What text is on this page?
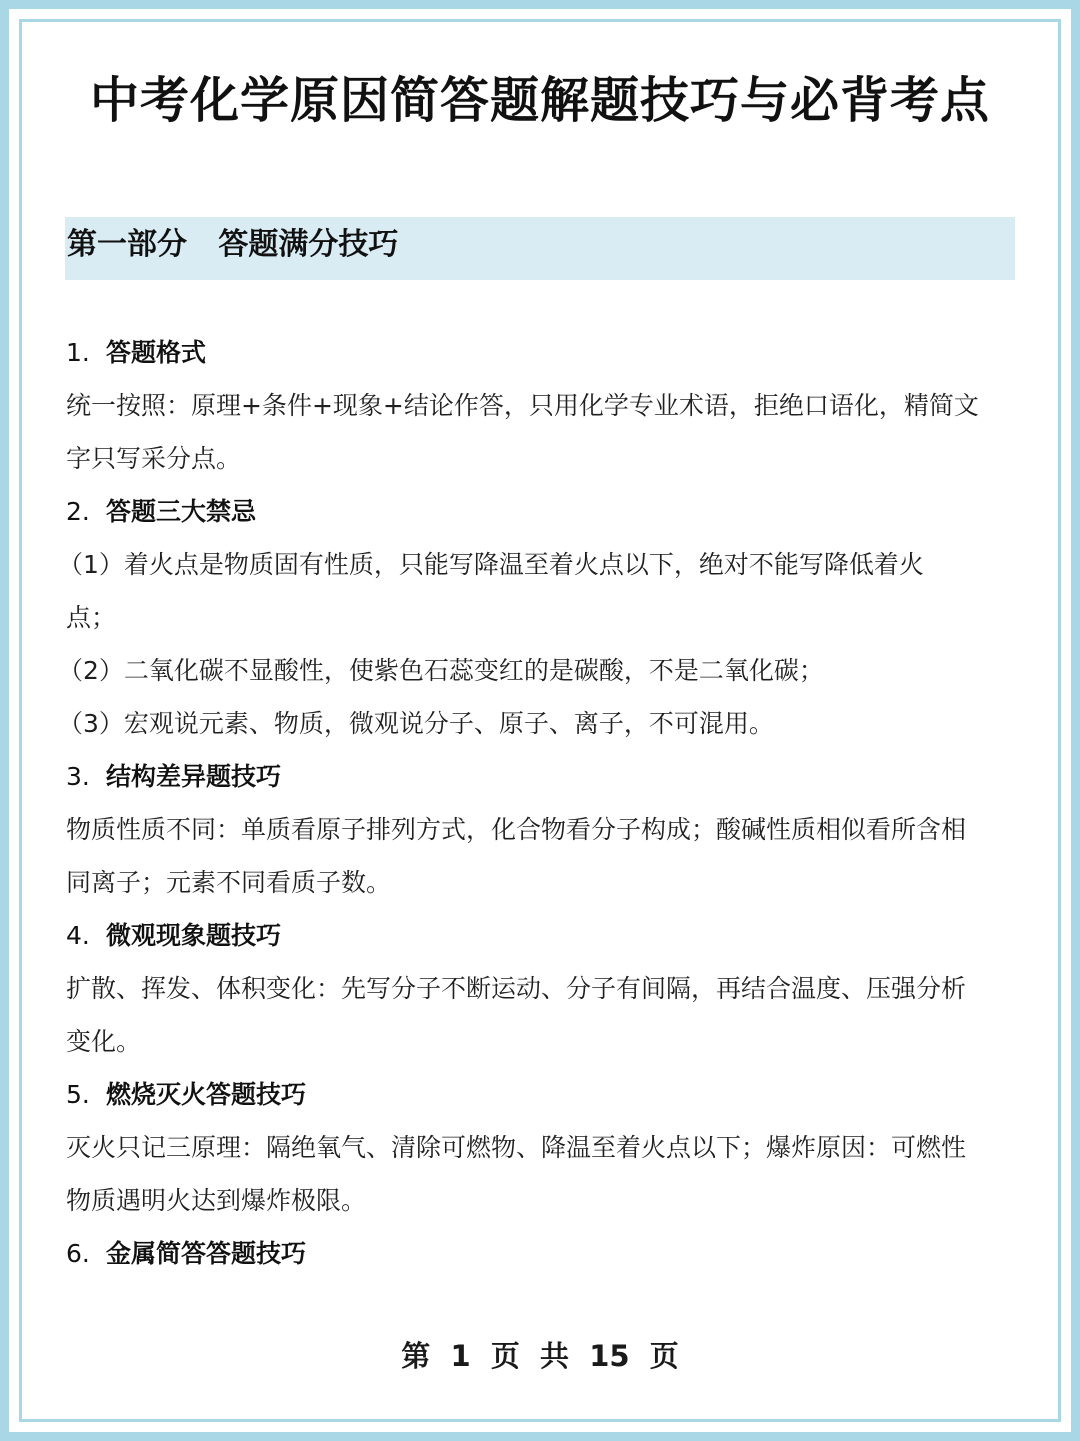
中考化学原因简答题解题技巧与必背考点
第一部分   答题满分技巧
1. 答题格式
统一按照：原理+条件+现象+结论作答，只用化学专业术语，拒绝口语化，精简文
字只写采分点。
2. 答题三大禁忌
（1）着火点是物质固有性质，只能写降温至着火点以下，绝对不能写降低着火
点；
（2）二氧化碳不显酸性，使紫色石蕊变红的是碳酸，不是二氧化碳；
（3）宏观说元素、物质，微观说分子、原子、离子，不可混用。
3. 结构差异题技巧
物质性质不同：单质看原子排列方式，化合物看分子构成；酸碱性质相似看所含相
同离子；元素不同看质子数。
4. 微观现象题技巧
扩散、挥发、体积变化：先写分子不断运动、分子有间隔，再结合温度、压强分析
变化。
5. 燃烧灭火答题技巧
灭火只记三原理：隔绝氧气、清除可燃物、降温至着火点以下；爆炸原因：可燃性
物质遇明火达到爆炸极限。
6. 金属简答答题技巧
第  1  页  共  15  页
